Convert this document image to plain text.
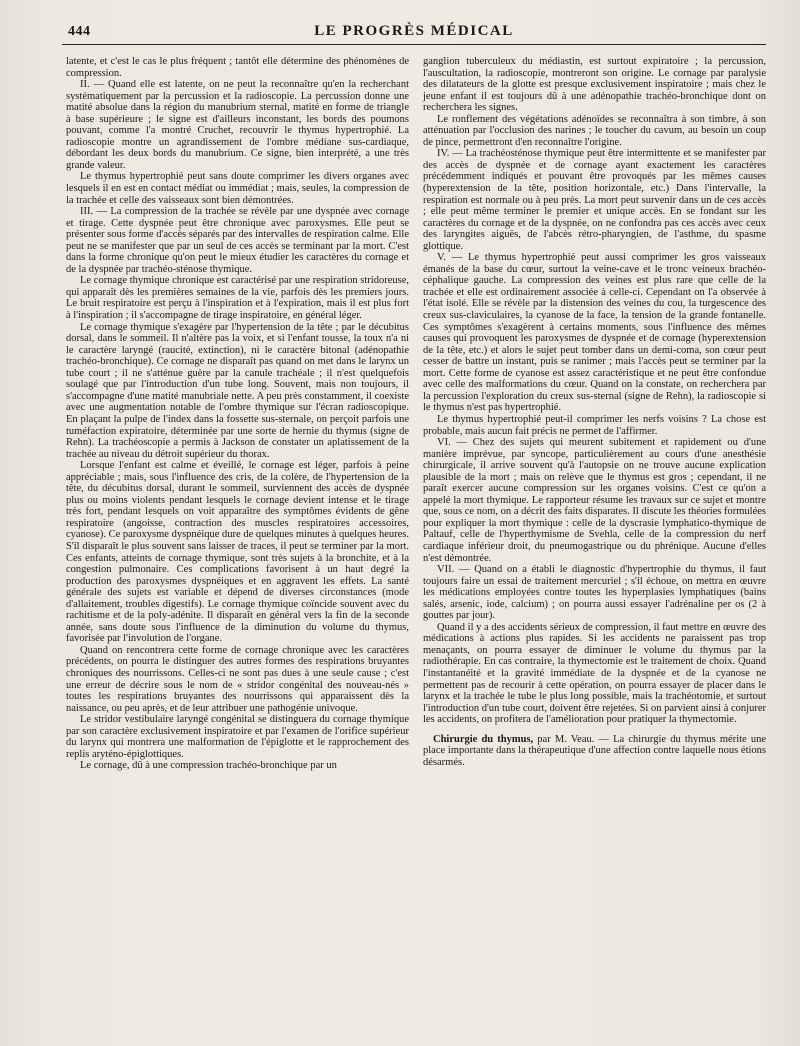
444	LE PROGRÈS MÉDICAL

latente, et c'est le cas le plus fréquent ; tantôt elle détermine des phénomènes de compression.

II. — Quand elle est latente, on ne peut la reconnaître qu'en la recherchant systématiquement par la percussion et la radioscopie. La percussion donne une matité absolue dans la région du manubrium sternal, matité en forme de triangle à base supérieure ; le signe est d'ailleurs inconstant, les bords des poumons pouvant, comme l'a montré Cruchet, recouvrir le thymus hypertrophié. La radioscopie montre un agrandissement de l'ombre médiane sus-cardiaque, débordant les deux bords du manubrium. Ce signe, bien interprété, a une très grande valeur.

Le thymus hypertrophié peut sans doute comprimer les divers organes avec lesquels il en est en contact médiat ou immédiat ; mais, seules, la compression de la trachée et celle des vaisseaux sont bien démontrées.

III. — La compression de la trachée se révèle par une dyspnée avec cornage et tirage. Cette dyspnée peut être chronique avec paroxysmes. Elle peut se présenter sous forme d'accès séparés par des intervalles de respiration calme. Elle peut ne se manifester que par un seul de ces accès se terminant par la mort. C'est dans la forme chronique qu'on peut le mieux étudier les caractères du cornage et de la dyspnée par trachéo-sténose thymique.

Le cornage thymique chronique est caractérisé par une respiration stridoreuse, qui apparaît dès les premières semaines de la vie, parfois dès les premiers jours. Le bruit respiratoire est perçu à l'inspiration et à l'expiration, mais il est plus fort à l'inspiration ; il s'accompagne de tirage inspiratoire, en général léger.

Le cornage thymique s'exagère par l'hypertension de la tête ; par le décubitus dorsal, dans le sommeil. Il n'altère pas la voix, et si l'enfant tousse, la toux n'a ni le caractère laryngé (raucité, extinction), ni le caractère bitonal (adénopathie trachéo-bronchique). Ce cornage ne disparaît pas quand on met dans le larynx un tube court ; il ne s'atténue guère par la canule trachéale ; il n'est quelquefois soulagé que par l'introduction d'un tube long. Souvent, mais non toujours, il s'accompagne d'une matité manubriale nette. A peu près constamment, il coexiste avec une augmentation notable de l'ombre thymique sur l'écran radioscopique. En plaçant la pulpe de l'index dans la fossette sus-sternale, on perçoit parfois une tuméfaction expiratoire, déterminée par une sorte de hernie du thymus (signe de Rehn). La trachéoscopie a permis à Jackson de constater un aplatissement de la trachée au niveau du détroit supérieur du thorax.

Lorsque l'enfant est calme et éveillé, le cornage est léger, parfois à peine appréciable ; mais, sous l'influence des cris, de la colère, de l'hypertension de la tête, du décubitus dorsal, durant le sommeil, surviennent des accès de dyspnée plus ou moins violents pendant lesquels le cornage devient intense et le tirage très fort, pendant lesquels on voit apparaître des symptômes évidents de gêne respiratoire (angoisse, contraction des muscles respiratoires accessoires, cyanose). Ce paroxysme dyspnéique dure de quelques minutes à quelques heures. S'il disparaît le plus souvent sans laisser de traces, il peut se terminer par la mort. Ces enfants, atteints de cornage thymique, sont très sujets à la bronchite, et à la congestion pulmonaire. Ces complications favorisent à un haut degré la production des paroxysmes dyspnéiques et en aggravent les effets. La santé générale des sujets est variable et dépend de diverses circonstances (mode d'allaitement, troubles digestifs). Le cornage thymique coïncide souvent avec du rachitisme et de la poly-adénite. Il disparaît en général vers la fin de la seconde année, sans doute sous l'influence de la diminution du volume du thymus, favorisée par l'involution de l'organe.

Quand on rencontrera cette forme de cornage chronique avec les caractères précédents, on pourra le distinguer des autres formes des respirations bruyantes chroniques des nourrissons. Celles-ci ne sont pas dues à une seule cause ; c'est une erreur de décrire sous le nom de « stridor congénital des nouveau-nés » toutes les respirations bruyantes des nourrissons qui apparaissent dès la naissance, ou peu après, et de leur attribuer une pathogénie univoque.

Le stridor vestibulaire laryngé congénital se distinguera du cornage thymique par son caractère exclusivement inspiratoire et par l'examen de l'orifice supérieur du larynx qui montrera une malformation de l'épiglotte et le rapprochement des replis aryténo-épiglottiques.

Le cornage, dû à une compression trachéo-bronchique par un

ganglion tuberculeux du médiastin, est surtout expiratoire ; la percussion, l'auscultation, la radioscopie, montreront son origine. Le cornage par paralysie des dilatateurs de la glotte est presque exclusivement inspiratoire ; mais chez le jeune enfant il est toujours dû à une adénopathie trachéo-bronchique dont on recherchera les signes.

Le ronflement des végétations adénoïdes se reconnaîtra à son timbre, à son atténuation par l'occlusion des narines ; le toucher du cavum, au besoin un coup de pince, permettront d'en reconnaître l'origine.

IV. — La trachéosténose thymique peut être intermittente et se manifester par des accès de dyspnée et de cornage ayant exactement les caractères précédemment indiqués et pouvant être provoqués par les mêmes causes (hyperextension de la tête, position horizontale, etc.) Dans l'intervalle, la respiration est normale ou à peu près. La mort peut survenir dans un de ces accès ; elle peut même terminer le premier et unique accès. En se fondant sur les caractères du cornage et de la dyspnée, on ne confondra pas ces accès avec ceux des laryngites aiguës, de l'abcès rétro-pharyngien, de l'asthme, du spasme glottique.

V. — Le thymus hypertrophié peut aussi comprimer les gros vaisseaux émanés de la base du cœur, surtout la veine-cave et le tronc veineux brachéo-céphalique gauche. La compression des veines est plus rare que celle de la trachée et elle est ordinairement associée à celle-ci. Cependant on l'a observée à l'état isolé. Elle se révèle par la distension des veines du cou, la turgescence des creux sus-claviculaires, la cyanose de la face, la tension de la grande fontanelle. Ces symptômes s'exagèrent à certains moments, sous l'influence des mêmes causes qui provoquent les paroxysmes de dyspnée et de cornage (hyperextension de la tête, etc.) et alors le sujet peut tomber dans un demi-coma, son cœur peut cesser de battre un instant, puis se ranimer ; mais l'accès peut se terminer par la mort. Cette forme de cyanose est assez caractéristique et ne peut être confondue avec celle des malformations du cœur. Quand on la constate, on recherchera par la percussion l'exploration du creux sus-sternal (signe de Rehn), la radioscopie si le thymus n'est pas hypertrophié.

Le thymus hypertrophié peut-il comprimer les nerfs voisins ? La chose est probable, mais aucun fait précis ne permet de l'affirmer.

VI. — Chez des sujets qui meurent subitement et rapidement ou d'une manière imprévue, par syncope, particulièrement au cours d'une anesthésie chirurgicale, il arrive souvent qu'à l'autopsie on ne trouve aucune explication plausible de la mort ; mais on relève que le thymus est gros ; cependant, il ne paraît exercer aucune compression sur les organes voisins. C'est ce qu'on a appelé la mort thymique. Le rapporteur résume les travaux sur ce sujet et montre que, sous ce nom, on a décrit des faits disparates. Il discute les théories formulées pour expliquer la mort thymique : celle de la dyscrasie lymphatico-thymique de Paltauf, celle de l'hyperthymisme de Svehla, celle de la compression du nerf cardiaque inférieur droit, du pneumogastrique ou du phrénique. Aucune d'elles n'est démontrée.

VII. — Quand on a établi le diagnostic d'hypertrophie du thymus, il faut toujours faire un essai de traitement mercuriel ; s'il échoue, on mettra en œuvre les médications employées contre toutes les hyperplasies lymphatiques (bains salés, arsenic, iode, calcium) ; on pourra aussi essayer l'adrénaline per os (2 à gouttes par jour).

Quand il y a des accidents sérieux de compression, il faut mettre en œuvre des médications à actions plus rapides. Si les accidents ne paraissent pas trop menaçants, on pourra essayer de diminuer le volume du thymus par la radiothérapie. En cas contraire, la thymectomie est le traitement de choix. Quand l'instantanéité et la gravité immédiate de la dyspnée et de la cyanose ne permettent pas de recourir à cette opération, on pourra essayer de placer dans le larynx et la trachée le tube le plus long possible, mais la trachéotomie, et surtout l'introduction d'un tube court, doivent être rejetées. Si on parvient ainsi à conjurer les accidents, on profitera de l'amélioration pour pratiquer la thymectomie.

Chirurgie du thymus, par M. Veau. — La chirurgie du thymus mérite une place importante dans la thérapeutique d'une affection contre laquelle nous étions désarmés.
